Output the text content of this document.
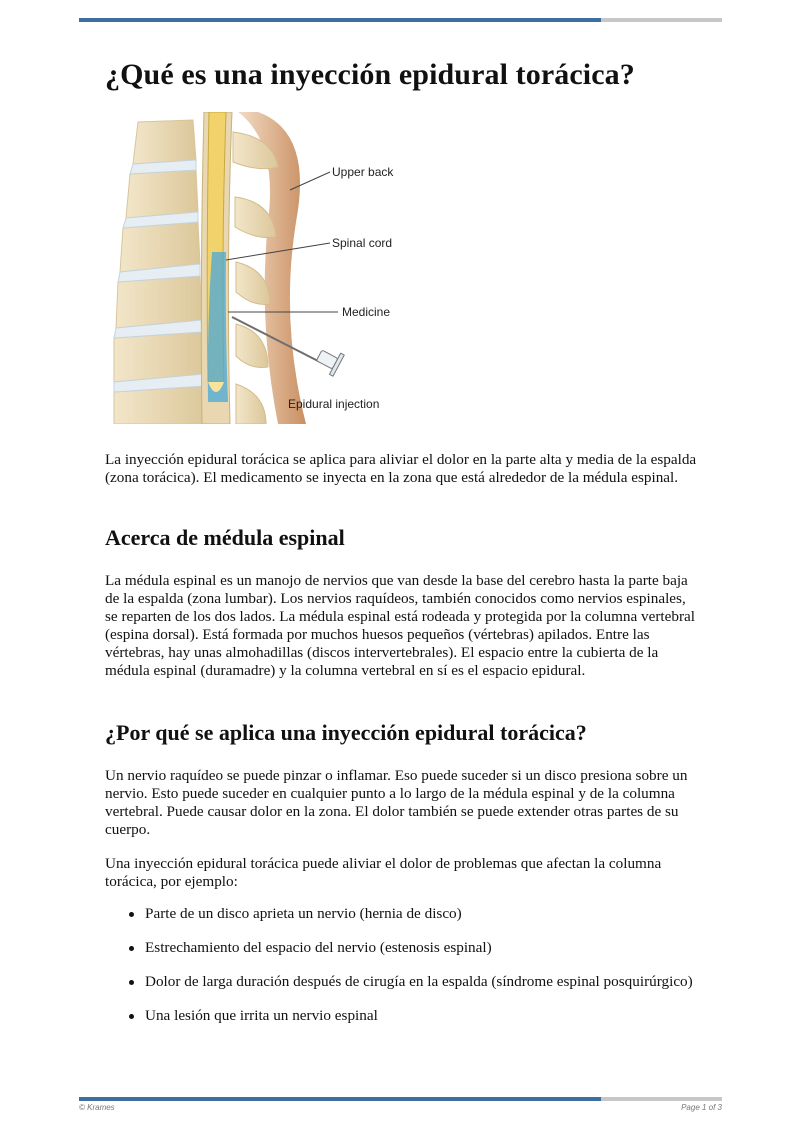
¿Qué es una inyección epidural torácica?
Upper back
Spinal cord
Medicine
Epidural injection

La inyección epidural torácica se aplica para aliviar el dolor en la parte alta y media de la espalda (zona torácica). El medicamento se inyecta en la zona que está alrededor de la médula espinal.

Acerca de médula espinal

La médula espinal es un manojo de nervios que van desde la base del cerebro hasta la parte baja de la espalda (zona lumbar). Los nervios raquídeos, también conocidos como nervios espinales, se reparten de los dos lados. La médula espinal está rodeada y protegida por la columna vertebral (espina dorsal). Está formada por muchos huesos pequeños (vértebras) apilados. Entre las vértebras, hay unas almohadillas (discos intervertebrales). El espacio entre la cubierta de la médula espinal (duramadre) y la columna vertebral en sí es el espacio epidural.

¿Por qué se aplica una inyección epidural torácica?

Un nervio raquídeo se puede pinzar o inflamar. Eso puede suceder si un disco presiona sobre un nervio. Esto puede suceder en cualquier punto a lo largo de la médula espinal y de la columna vertebral. Puede causar dolor en la zona. El dolor también se puede extender otras partes de su cuerpo.

Una inyección epidural torácica puede aliviar el dolor de problemas que afectan la columna torácica, por ejemplo:

Parte de un disco aprieta un nervio (hernia de disco)
Estrechamiento del espacio del nervio (estenosis espinal)
Dolor de larga duración después de cirugía en la espalda (síndrome espinal posquirúrgico)
Una lesión que irrita un nervio espinal
© Krames	Page 1 of 3
